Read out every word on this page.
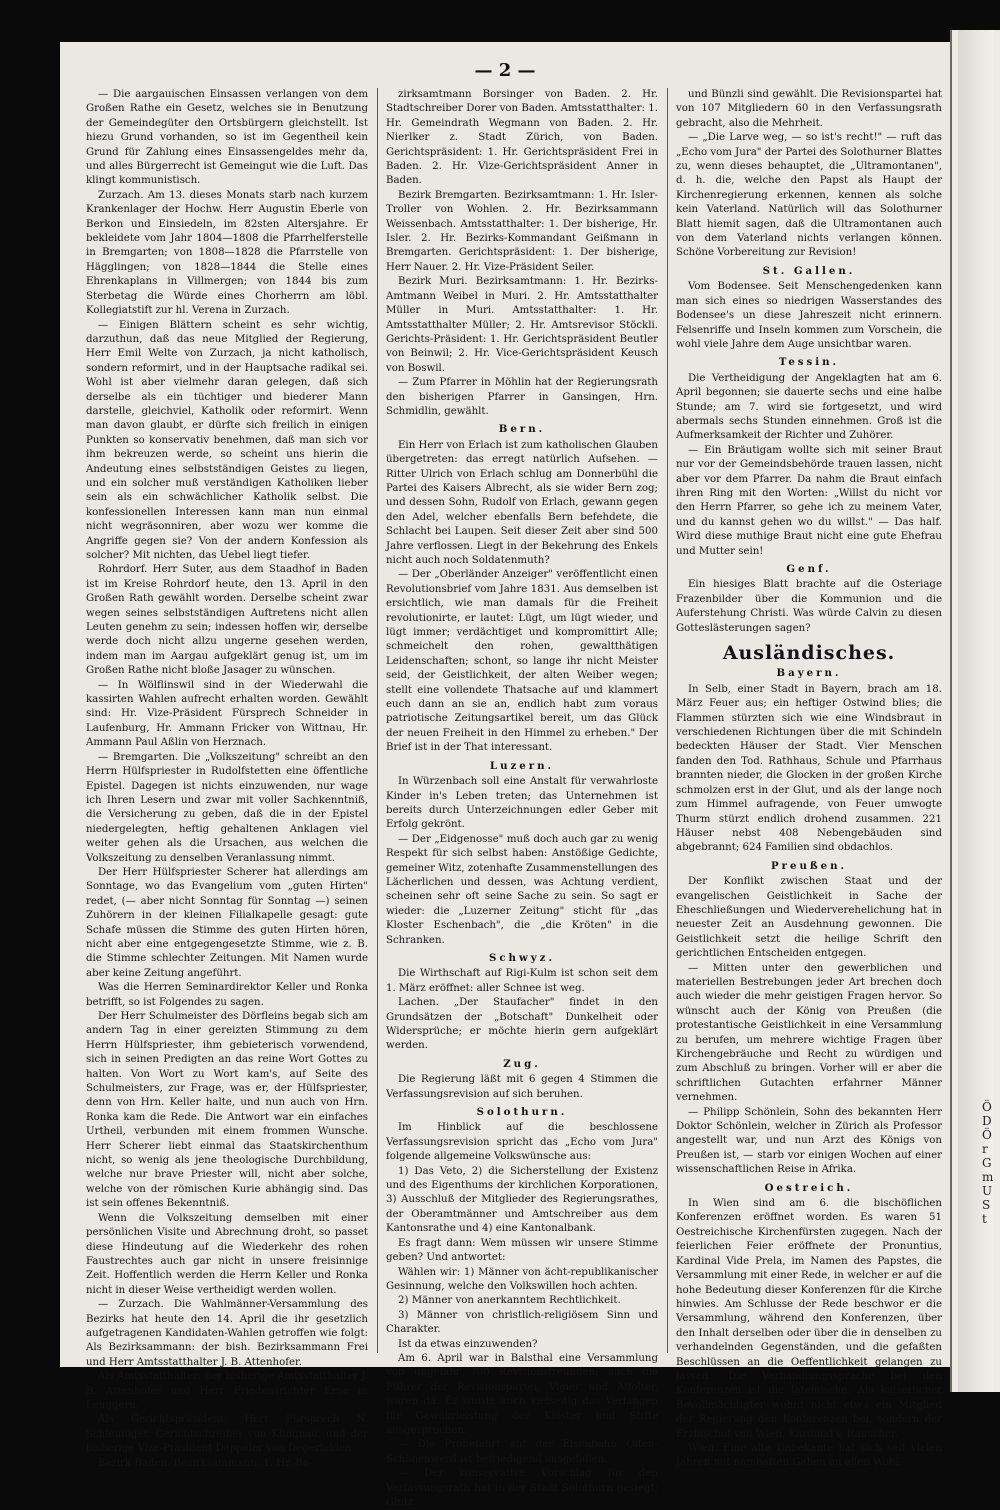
ÖDÖrGmUSt
— 2 —

— Die aargauischen Einsassen verlangen von dem Großen Rathe ein Gesetz, welches sie in Benutzung der Gemeindegüter den Ortsbürgern gleichstellt. Ist hiezu Grund vorhanden, so ist im Gegentheil kein Grund für Zahlung eines Einsassengeldes mehr da, und alles Bürgerrecht ist Gemeingut wie die Luft. Das klingt kommunistisch.

Zurzach. Am 13. dieses Monats starb nach kurzem Krankenlager der Hochw. Herr Augustin Eberle von Berkon und Einsiedeln, im 82sten Altersjahre. Er bekleidete vom Jahr 1804—1808 die Pfarrhelferstelle in Bremgarten; von 1808—1828 die Pfarrstelle von Hägglingen; von 1828—1844 die Stelle eines Ehrenkaplans in Villmergen; von 1844 bis zum Sterbetag die Würde eines Chorherrn am löbl. Kollegiatstift zur hl. Verena in Zurzach.

— Einigen Blättern scheint es sehr wichtig, darzuthun, daß das neue Mitglied der Regierung, Herr Emil Welte von Zurzach, ja nicht katholisch, sondern reformirt, und in der Hauptsache radikal sei. Wohl ist aber vielmehr daran gelegen, daß sich derselbe als ein tüchtiger und biederer Mann darstelle, gleichviel, Katholik oder reformirt. Wenn man davon glaubt, er dürfte sich freilich in einigen Punkten so konservativ benehmen, daß man sich vor ihm bekreuzen werde, so scheint uns hierin die Andeutung eines selbstständigen Geistes zu liegen, und ein solcher muß verständigen Katholiken lieber sein als ein schwächlicher Katholik selbst. Die konfessionellen Interessen kann man nun einmal nicht wegräsonniren, aber wozu wer komme die Angriffe gegen sie? Von der andern Konfession als solcher? Mit nichten, das Uebel liegt tiefer.

Rohrdorf. Herr Suter, aus dem Staadhof in Baden ist im Kreise Rohrdorf heute, den 13. April in den Großen Rath gewählt worden. Derselbe scheint zwar wegen seines selbstständigen Auftretens nicht allen Leuten genehm zu sein; indessen hoffen wir, derselbe werde doch nicht allzu ungerne gesehen werden, indem man im Aargau aufgeklärt genug ist, um im Großen Rathe nicht bloße Jasager zu wünschen.

— In Wölflinswil sind in der Wiederwahl die kassirten Wahlen aufrecht erhalten worden. Gewählt sind: Hr. Vize-Präsident Fürsprech Schneider in Laufenburg, Hr. Ammann Fricker von Wittnau, Hr. Ammann Paul Aßlin von Herznach.

— Bremgarten. Die „Volkszeitung" schreibt an den Herrn Hülfspriester in Rudolfstetten eine öffentliche Epistel. Dagegen ist nichts einzuwenden, nur wage ich Ihren Lesern und zwar mit voller Sachkenntniß, die Versicherung zu geben, daß die in der Epistel niedergelegten, heftig gehaltenen Anklagen viel weiter gehen als die Ursachen, aus welchen die Volkszeitung zu denselben Veranlassung nimmt.

Der Herr Hülfspriester Scherer hat allerdings am Sonntage, wo das Evangelium vom „guten Hirten" redet, (— aber nicht Sonntag für Sonntag —) seinen Zuhörern in der kleinen Filialkapelle gesagt: gute Schafe müssen die Stimme des guten Hirten hören, nicht aber eine entgegengesetzte Stimme, wie z. B. die Stimme schlechter Zeitungen. Mit Namen wurde aber keine Zeitung angeführt.

Was die Herren Seminardirektor Keller und Ronka betrifft, so ist Folgendes zu sagen.

Der Herr Schulmeister des Dörfleins begab sich am andern Tag in einer gereizten Stimmung zu dem Herrn Hülfspriester, ihm gebieterisch vorwendend, sich in seinen Predigten an das reine Wort Gottes zu halten. Von Wort zu Wort kam's, auf Seite des Schulmeisters, zur Frage, was er, der Hülfspriester, denn von Hrn. Keller halte, und nun auch von Hrn. Ronka kam die Rede. Die Antwort war ein einfaches Urtheil, verbunden mit einem frommen Wunsche. Herr Scherer liebt einmal das Staatskirchenthum nicht, so wenig als jene theologische Durchbildung, welche nur brave Priester will, nicht aber solche, welche von der römischen Kurie abhängig sind. Das ist sein offenes Bekenntniß.

Wenn die Volkszeitung demselben mit einer persönlichen Visite und Abrechnung droht, so passet diese Hindeutung auf die Wiederkehr des rohen Faustrechtes auch gar nicht in unsere freisinnige Zeit. Hoffentlich werden die Herrn Keller und Ronka nicht in dieser Weise vertheidigt werden wollen.

— Zurzach. Die Wahlmänner-Versammlung des Bezirks hat heute den 14. April die ihr gesetzlich aufgetragenen Kandidaten-Wahlen getroffen wie folgt: Als Bezirksammann: der bish. Bezirksammann Frei und Herr Amtsstatthalter J. B. Attenhofer.

Als Amtsstatthalter: der bisherige Amtsstatthalter J. B. Attenhofer und Herr Friedensrichter Erne in Leuggern.

Als Gerichtspräsident: Herr Fürsprech N. Schleuniger, Gerichtschreiber von Klingnau, und der bisherige Vize-Präsident Deppeler von Degerfelden.

Bezirk Baden. Bezirksammann: 1. Hr. Be-

zirksamtmann Borsinger von Baden. 2. Hr. Stadtschreiber Dorer von Baden. Amtsstatthalter: 1. Hr. Gemeindrath Wegmann von Baden. 2. Hr. Nierlker z. Stadt Zürich, von Baden. Gerichtspräsident: 1. Hr. Gerichtspräsident Frei in Baden. 2. Hr. Vize-Gerichtspräsident Anner in Baden.

Bezirk Bremgarten. Bezirksamtmann: 1. Hr. Isler-Troller von Wohlen. 2. Hr. Bezirksammann Weissenbach. Amtsstatthalter: 1. Der bisherige, Hr. Isler. 2. Hr. Bezirks-Kommandant Geißmann in Bremgarten. Gerichtspräsident: 1. Der bisherige, Herr Nauer. 2. Hr. Vize-Präsident Seiler.

Bezirk Muri. Bezirksamtmann: 1. Hr. Bezirks-Amtmann Weibel in Muri. 2. Hr. Amtsstatthalter Müller in Muri. Amtsstatthalter: 1. Hr. Amtsstatthalter Müller; 2. Hr. Amtsrevisor Stöckli. Gerichts-Präsident: 1. Hr. Gerichtspräsident Beutler von Beinwil; 2. Hr. Vice-Gerichtspräsident Keusch von Boswil.

— Zum Pfarrer in Möhlin hat der Regierungsrath den bisherigen Pfarrer in Gansingen, Hrn. Schmidlin, gewählt.

Bern.

Ein Herr von Erlach ist zum katholischen Glauben übergetreten: das erregt natürlich Aufsehen. — Ritter Ulrich von Erlach schlug am Donnerbühl die Partei des Kaisers Albrecht, als sie wider Bern zog; und dessen Sohn, Rudolf von Erlach, gewann gegen den Adel, welcher ebenfalls Bern befehdete, die Schlacht bei Laupen. Seit dieser Zeit aber sind 500 Jahre verflossen. Liegt in der Bekehrung des Enkels nicht auch noch Soldatenmuth?

— Der „Oberländer Anzeiger" veröffentlicht einen Revolutionsbrief vom Jahre 1831. Aus demselben ist ersichtlich, wie man damals für die Freiheit revolutionirte, er lautet: Lügt, um lügt wieder, und lügt immer; verdächtiget und kompromittirt Alle; schmeichelt den rohen, gewaltthätigen Leidenschaften; schont, so lange ihr nicht Meister seid, der Geistlichkeit, der alten Weiber wegen; stellt eine vollendete Thatsache auf und klammert euch dann an sie an, endlich habt zum voraus patriotische Zeitungsartikel bereit, um das Glück der neuen Freiheit in den Himmel zu erheben." Der Brief ist in der That interessant.

Luzern.

In Würzenbach soll eine Anstalt für verwahrloste Kinder in's Leben treten; das Unternehmen ist bereits durch Unterzeichnungen edler Geber mit Erfolg gekrönt.

— Der „Eidgenosse" muß doch auch gar zu wenig Respekt für sich selbst haben: Anstößige Gedichte, gemeiner Witz, zotenhafte Zusammenstellungen des Lächerlichen und dessen, was Achtung verdient, scheinen sehr oft seine Sache zu sein. So sagt er wieder: die „Luzerner Zeitung" sticht für „das Kloster Eschenbach", die „die Kröten" in die Schranken.

Schwyz.

Die Wirthschaft auf Rigi-Kulm ist schon seit dem 1. März eröffnet: aller Schnee ist weg.

Lachen. „Der Staufacher" findet in den Grundsätzen der „Botschaft" Dunkelheit oder Widersprüche; er möchte hierin gern aufgeklärt werden.

Zug.

Die Regierung läßt mit 6 gegen 4 Stimmen die Verfassungsrevision auf sich beruhen.

Solothurn.

Im Hinblick auf die beschlossene Verfassungsrevision spricht das „Echo vom Jura" folgende allgemeine Volkswünsche aus:

1) Das Veto, 2) die Sicherstellung der Existenz und des Eigenthums der kirchlichen Korporationen, 3) Ausschluß der Mitglieder des Regierungsrathes, der Oberamtmänner und Amtschreiber aus dem Kantonsrathe und 4) eine Kantonalbank.

Es fragt dann: Wem müssen wir unsere Stimme geben? Und antwortet:

Wählen wir: 1) Männer von ächt-republikanischer Gesinnung, welche den Volkswillen hoch achten.

2) Männer von anerkanntem Rechtlichkeit.

3) Männer von christlich-religiösem Sinn und Charakter.

Ist da etwas einzuwenden?

Am 6. April war in Balsthal eine Versammlung von ungefähr 700 Revisionsfreunden; auch die Führer der Revisionspartei, Vigier und Affolter, waren da. Es wurde auch vielseitig das Verlangen für Gewährleistung der Klöster und Stifte ausgesprochen.

— Die Probefahrt auf der Eisenbahn Olten-Schönenwerd ist befriedigend ausgefallen.

— Der konservative Vorschlag für den Verfassungsrath hat in der Stadt Solothurn gesiegt: Glutz

und Bünzli sind gewählt. Die Revisionspartei hat von 107 Mitgliedern 60 in den Verfassungsrath gebracht, also die Mehrheit.

— „Die Larve weg, — so ist's recht!" — ruft das „Echo vom Jura" der Partei des Solothurner Blattes zu, wenn dieses behauptet, die „Ultramontanen", d. h. die, welche den Papst als Haupt der Kirchenregierung erkennen, kennen als solche kein Vaterland. Natürlich will das Solothurner Blatt hiemit sagen, daß die Ultramontanen auch von dem Vaterland nichts verlangen können. Schöne Vorbereitung zur Revision!

St. Gallen.

Vom Bodensee. Seit Menschengedenken kann man sich eines so niedrigen Wasserstandes des Bodensee's un diese Jahreszeit nicht erinnern. Felsenriffe und Inseln kommen zum Vorschein, die wohl viele Jahre dem Auge unsichtbar waren.

Tessin.

Die Vertheidigung der Angeklagten hat am 6. April begonnen; sie dauerte sechs und eine halbe Stunde; am 7. wird sie fortgesetzt, und wird abermals sechs Stunden einnehmen. Groß ist die Aufmerksamkeit der Richter und Zuhörer.

— Ein Bräutigam wollte sich mit seiner Braut nur vor der Gemeindsbehörde trauen lassen, nicht aber vor dem Pfarrer. Da nahm die Braut einfach ihren Ring mit den Worten: „Willst du nicht vor den Herrn Pfarrer, so gehe ich zu meinem Vater, und du kannst gehen wo du willst." — Das half. Wird diese muthige Braut nicht eine gute Ehefrau und Mutter sein!

Genf.

Ein hiesiges Blatt brachte auf die Osteriage Frazenbilder über die Kommunion und die Auferstehung Christi. Was würde Calvin zu diesen Gotteslästerungen sagen?

Ausländisches.

Bayern.

In Selb, einer Stadt in Bayern, brach am 18. März Feuer aus; ein heftiger Ostwind blies; die Flammen stürzten sich wie eine Windsbraut in verschiedenen Richtungen über die mit Schindeln bedeckten Häuser der Stadt. Vier Menschen fanden den Tod. Rathhaus, Schule und Pfarrhaus brannten nieder, die Glocken in der großen Kirche schmolzen erst in der Glut, und als der lange noch zum Himmel aufragende, von Feuer umwogte Thurm stürzt endlich drohend zusammen. 221 Häuser nebst 408 Nebengebäuden sind abgebrannt; 624 Familien sind obdachlos.

Preußen.

Der Konflikt zwischen Staat und der evangelischen Geistlichkeit in Sache der Eheschließungen und Wiederverehelichung hat in neuester Zeit an Ausdehnung gewonnen. Die Geistlichkeit setzt die heilige Schrift den gerichtlichen Entscheiden entgegen.

— Mitten unter den gewerblichen und materiellen Bestrebungen jeder Art brechen doch auch wieder die mehr geistigen Fragen hervor. So wünscht auch der König von Preußen (die protestantische Geistlichkeit in eine Versammlung zu berufen, um mehrere wichtige Fragen über Kirchengebräuche und Recht zu würdigen und zum Abschluß zu bringen. Vorher will er aber die schriftlichen Gutachten erfahrner Männer vernehmen.

— Philipp Schönlein, Sohn des bekannten Herr Doktor Schönlein, welcher in Zürich als Professor angestellt war, und nun Arzt des Königs von Preußen ist, — starb vor einigen Wochen auf einer wissenschaftlichen Reise in Afrika.

Oestreich.

In Wien sind am 6. die bischöflichen Konferenzen eröffnet worden. Es waren 51 Oestreichische Kirchenfürsten zugegen. Nach der feierlichen Feier eröffnete der Pronuntius, Kardinal Vide Prela, im Namen des Papstes, die Versammlung mit einer Rede, in welcher er auf die hohe Bedeutung dieser Konferenzen für die Kirche hinwies. Am Schlusse der Rede beschwor er die Versammlung, während den Konferenzen, über den Inhalt derselben oder über die in denselben zu verhandelnden Gegenständen, und die gefaßten Beschlüssen an die Oeffentlichkeit gelangen zu lassen. Die Verhandlungssprache bei den Konferenzen ist die lateinische. Als kaiserlicher Bevollmächtigter wohnt nicht etwa ein Mitglied der Regierung den Konferenzen bei, sondern der Erzbischof von Wien, Kardinal v. Rauscher.

Wien. Eine alte Unbekante hat sich seit vielen Jahren mit namhaften Gaben an allen Wohl-
